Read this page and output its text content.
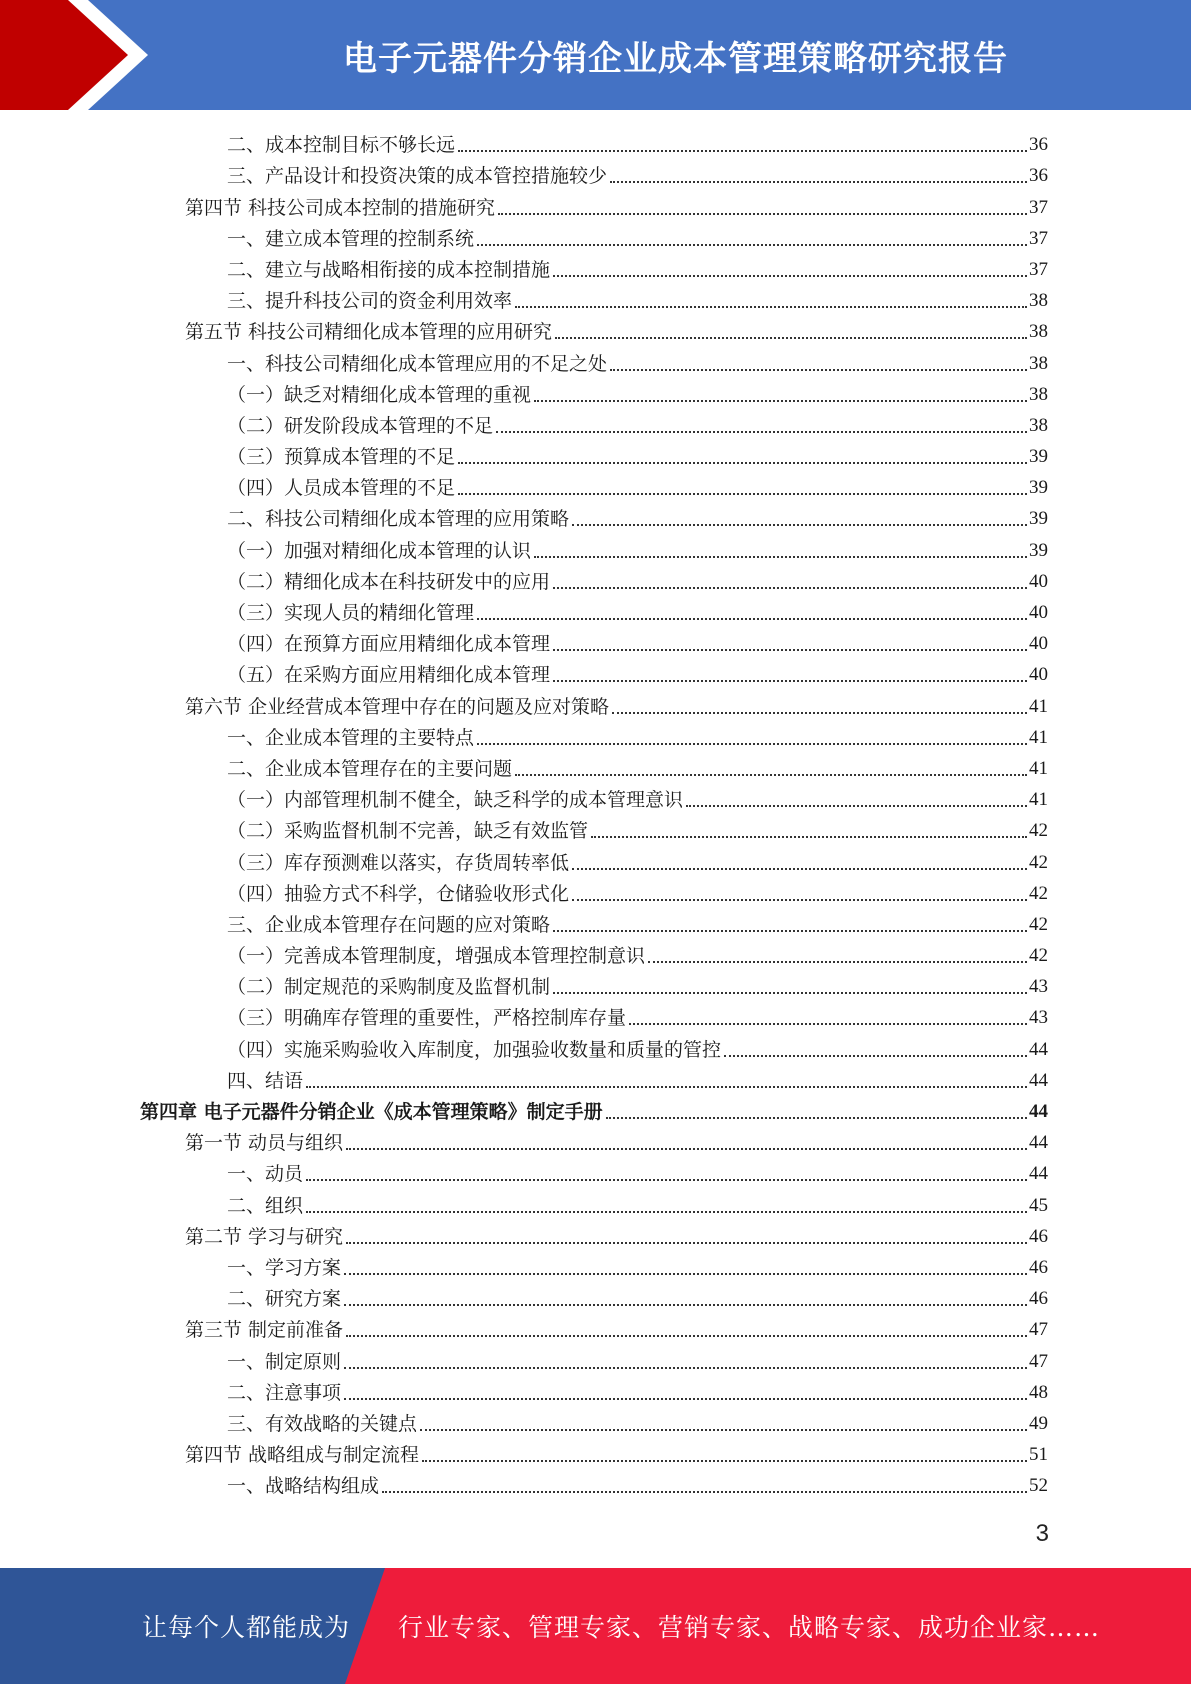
电子元器件分销企业成本管理策略研究报告
二、成本控制目标不够长远	36
三、产品设计和投资决策的成本管控措施较少	36
第四节 科技公司成本控制的措施研究	37
一、建立成本管理的控制系统	37
二、建立与战略相衔接的成本控制措施	37
三、提升科技公司的资金利用效率	38
第五节 科技公司精细化成本管理的应用研究	38
一、科技公司精细化成本管理应用的不足之处	38
（一）缺乏对精细化成本管理的重视	38
（二）研发阶段成本管理的不足	38
（三）预算成本管理的不足	39
（四）人员成本管理的不足	39
二、科技公司精细化成本管理的应用策略	39
（一）加强对精细化成本管理的认识	39
（二）精细化成本在科技研发中的应用	40
（三）实现人员的精细化管理	40
（四）在预算方面应用精细化成本管理	40
（五）在采购方面应用精细化成本管理	40
第六节 企业经营成本管理中存在的问题及应对策略	41
一、企业成本管理的主要特点	41
二、企业成本管理存在的主要问题	41
（一）内部管理机制不健全，缺乏科学的成本管理意识	41
（二）采购监督机制不完善，缺乏有效监管	42
（三）库存预测难以落实，存货周转率低	42
（四）抽验方式不科学，仓储验收形式化	42
三、企业成本管理存在问题的应对策略	42
（一）完善成本管理制度，增强成本管理控制意识	42
（二）制定规范的采购制度及监督机制	43
（三）明确库存管理的重要性，严格控制库存量	43
（四）实施采购验收入库制度，加强验收数量和质量的管控	44
四、结语	44
第四章 电子元器件分销企业《成本管理策略》制定手册	44
第一节 动员与组织	44
一、动员	44
二、组织	45
第二节 学习与研究	46
一、学习方案	46
二、研究方案	46
第三节 制定前准备	47
一、制定原则	47
二、注意事项	48
三、有效战略的关键点	49
第四节 战略组成与制定流程	51
一、战略结构组成	52
3
让每个人都能成为 行业专家、管理专家、营销专家、战略专家、成功企业家……
